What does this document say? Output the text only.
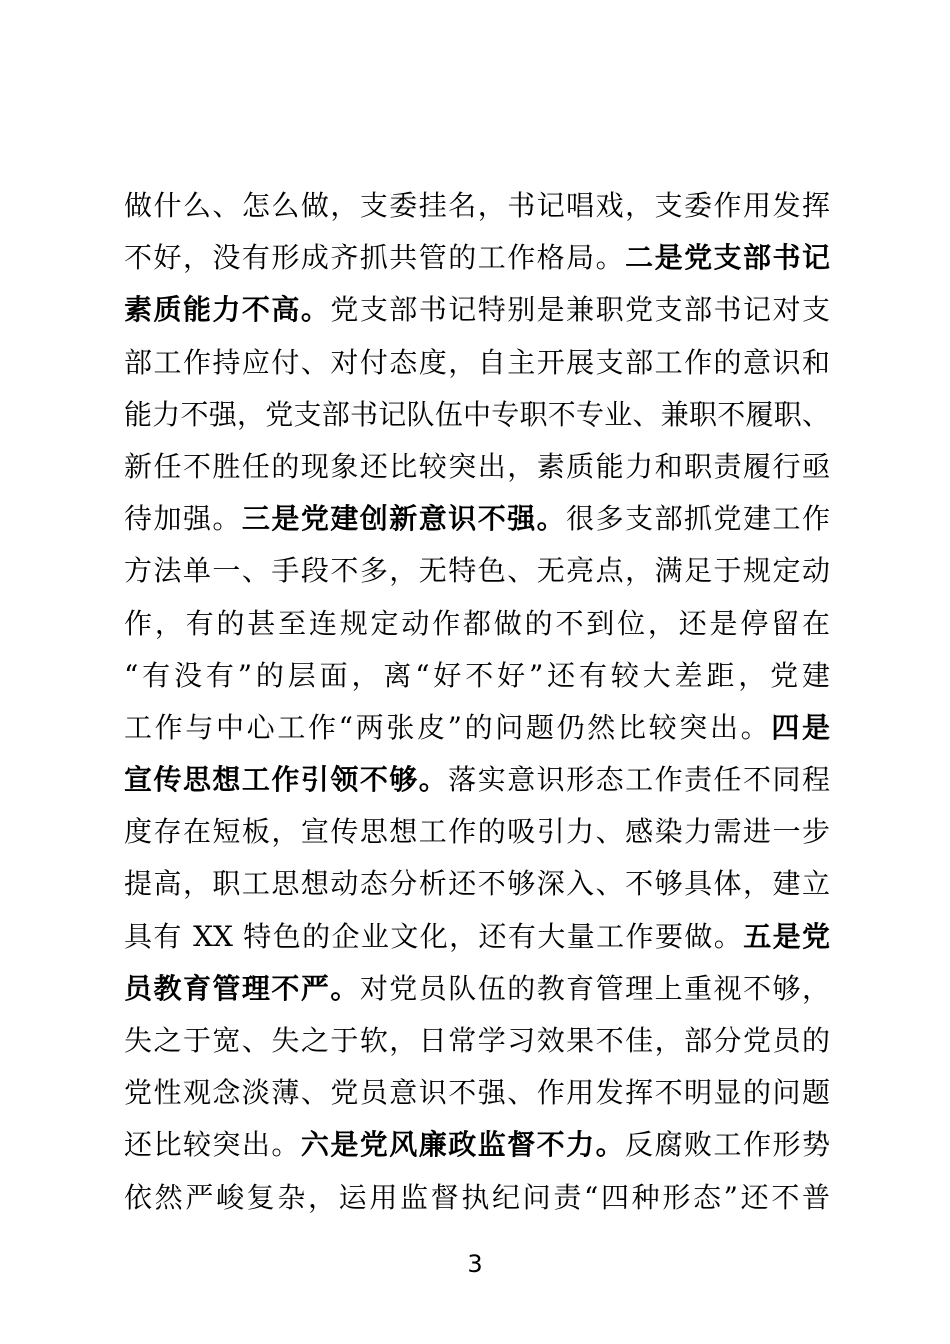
做什么、怎么做，支委挂名，书记唱戏，支委作用发挥
不好，没有形成齐抓共管的工作格局。二是党支部书记
素质能力不高。党支部书记特别是兼职党支部书记对支
部工作持应付、对付态度，自主开展支部工作的意识和
能力不强，党支部书记队伍中专职不专业、兼职不履职、
新任不胜任的现象还比较突出，素质能力和职责履行亟
待加强。三是党建创新意识不强。很多支部抓党建工作
方法单一、手段不多，无特色、无亮点，满足于规定动
作，有的甚至连规定动作都做的不到位，还是停留在
“有没有”的层面，离“好不好”还有较大差距，党建
工作与中心工作“两张皮”的问题仍然比较突出。四是
宣传思想工作引领不够。落实意识形态工作责任不同程
度存在短板，宣传思想工作的吸引力、感染力需进一步
提高，职工思想动态分析还不够深入、不够具体，建立
具有 XX 特色的企业文化，还有大量工作要做。五是党
员教育管理不严。对党员队伍的教育管理上重视不够，
失之于宽、失之于软，日常学习效果不佳，部分党员的
党性观念淡薄、党员意识不强、作用发挥不明显的问题
还比较突出。六是党风廉政监督不力。反腐败工作形势
依然严峻复杂，运用监督执纪问责“四种形态”还不普
3
